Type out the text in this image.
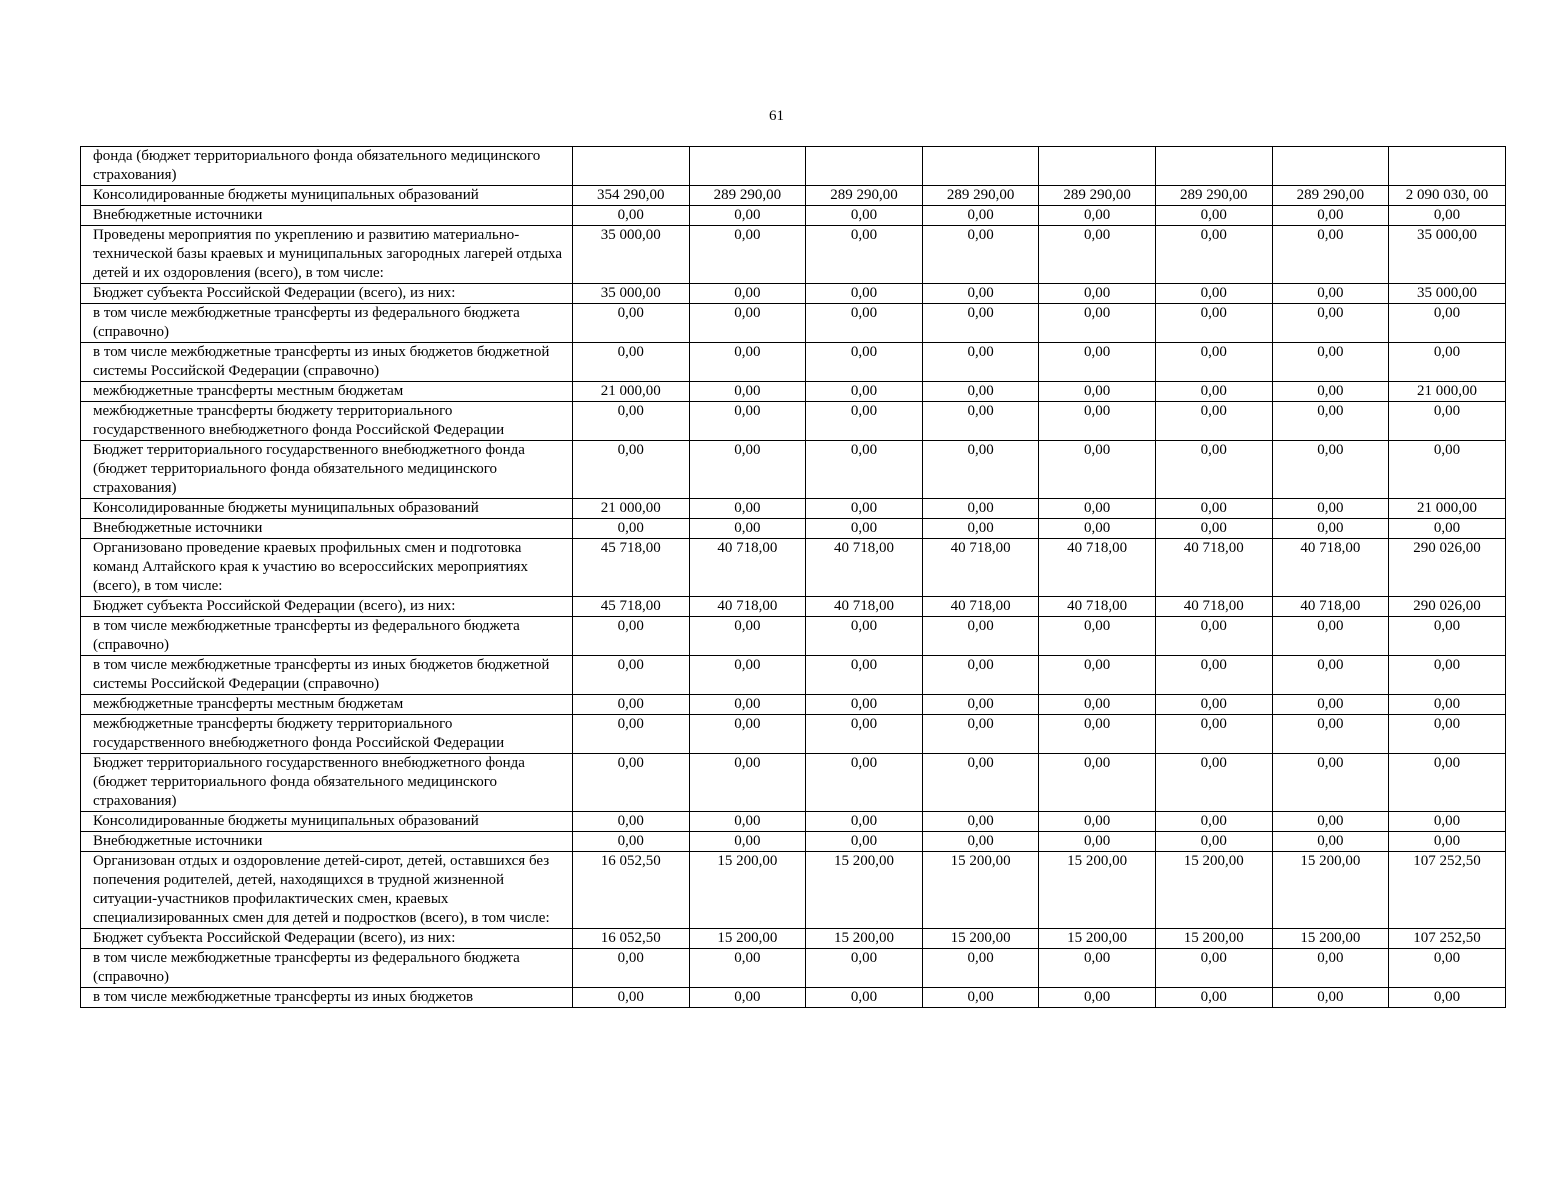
61
фонда (бюджет территориального фонда обязательного медицинского страхования)								
Консолидированные бюджеты муниципальных образований	354 290,00	289 290,00	289 290,00	289 290,00	289 290,00	289 290,00	289 290,00	2 090 030, 00
Внебюджетные источники	0,00	0,00	0,00	0,00	0,00	0,00	0,00	0,00
Проведены мероприятия по укреплению и развитию материально-технической базы краевых и муниципальных загородных лагерей отдыха детей и их оздоровления (всего), в том числе:	35 000,00	0,00	0,00	0,00	0,00	0,00	0,00	35 000,00
Бюджет субъекта Российской Федерации (всего), из них:	35 000,00	0,00	0,00	0,00	0,00	0,00	0,00	35 000,00
в том числе межбюджетные трансферты из федерального бюджета (справочно)	0,00	0,00	0,00	0,00	0,00	0,00	0,00	0,00
в том числе межбюджетные трансферты из иных бюджетов бюджетной системы Российской Федерации (справочно)	0,00	0,00	0,00	0,00	0,00	0,00	0,00	0,00
межбюджетные трансферты местным бюджетам	21 000,00	0,00	0,00	0,00	0,00	0,00	0,00	21 000,00
межбюджетные трансферты бюджету территориального государственного внебюджетного фонда Российской Федерации	0,00	0,00	0,00	0,00	0,00	0,00	0,00	0,00
Бюджет территориального государственного внебюджетного фонда (бюджет территориального фонда обязательного медицинского страхования)	0,00	0,00	0,00	0,00	0,00	0,00	0,00	0,00
Консолидированные бюджеты муниципальных образований	21 000,00	0,00	0,00	0,00	0,00	0,00	0,00	21 000,00
Внебюджетные источники	0,00	0,00	0,00	0,00	0,00	0,00	0,00	0,00
Организовано проведение краевых профильных смен и подготовка команд Алтайского края к участию во всероссийских мероприятиях (всего), в том числе:	45 718,00	40 718,00	40 718,00	40 718,00	40 718,00	40 718,00	40 718,00	290 026,00
Бюджет субъекта Российской Федерации (всего), из них:	45 718,00	40 718,00	40 718,00	40 718,00	40 718,00	40 718,00	40 718,00	290 026,00
в том числе межбюджетные трансферты из федерального бюджета (справочно)	0,00	0,00	0,00	0,00	0,00	0,00	0,00	0,00
в том числе межбюджетные трансферты из иных бюджетов бюджетной системы Российской Федерации (справочно)	0,00	0,00	0,00	0,00	0,00	0,00	0,00	0,00
межбюджетные трансферты местным бюджетам	0,00	0,00	0,00	0,00	0,00	0,00	0,00	0,00
межбюджетные трансферты бюджету территориального государственного внебюджетного фонда Российской Федерации	0,00	0,00	0,00	0,00	0,00	0,00	0,00	0,00
Бюджет территориального государственного внебюджетного фонда (бюджет территориального фонда обязательного медицинского страхования)	0,00	0,00	0,00	0,00	0,00	0,00	0,00	0,00
Консолидированные бюджеты муниципальных образований	0,00	0,00	0,00	0,00	0,00	0,00	0,00	0,00
Внебюджетные источники	0,00	0,00	0,00	0,00	0,00	0,00	0,00	0,00
Организован отдых и оздоровление детей-сирот, детей, оставшихся без попечения родителей, детей, находящихся в трудной жизненной ситуации-участников профилактических смен, краевых специализированных смен для детей и подростков (всего), в том числе:	16 052,50	15 200,00	15 200,00	15 200,00	15 200,00	15 200,00	15 200,00	107 252,50
Бюджет субъекта Российской Федерации (всего), из них:	16 052,50	15 200,00	15 200,00	15 200,00	15 200,00	15 200,00	15 200,00	107 252,50
в том числе межбюджетные трансферты из федерального бюджета (справочно)	0,00	0,00	0,00	0,00	0,00	0,00	0,00	0,00
в том числе межбюджетные трансферты из иных бюджетов	0,00	0,00	0,00	0,00	0,00	0,00	0,00	0,00
